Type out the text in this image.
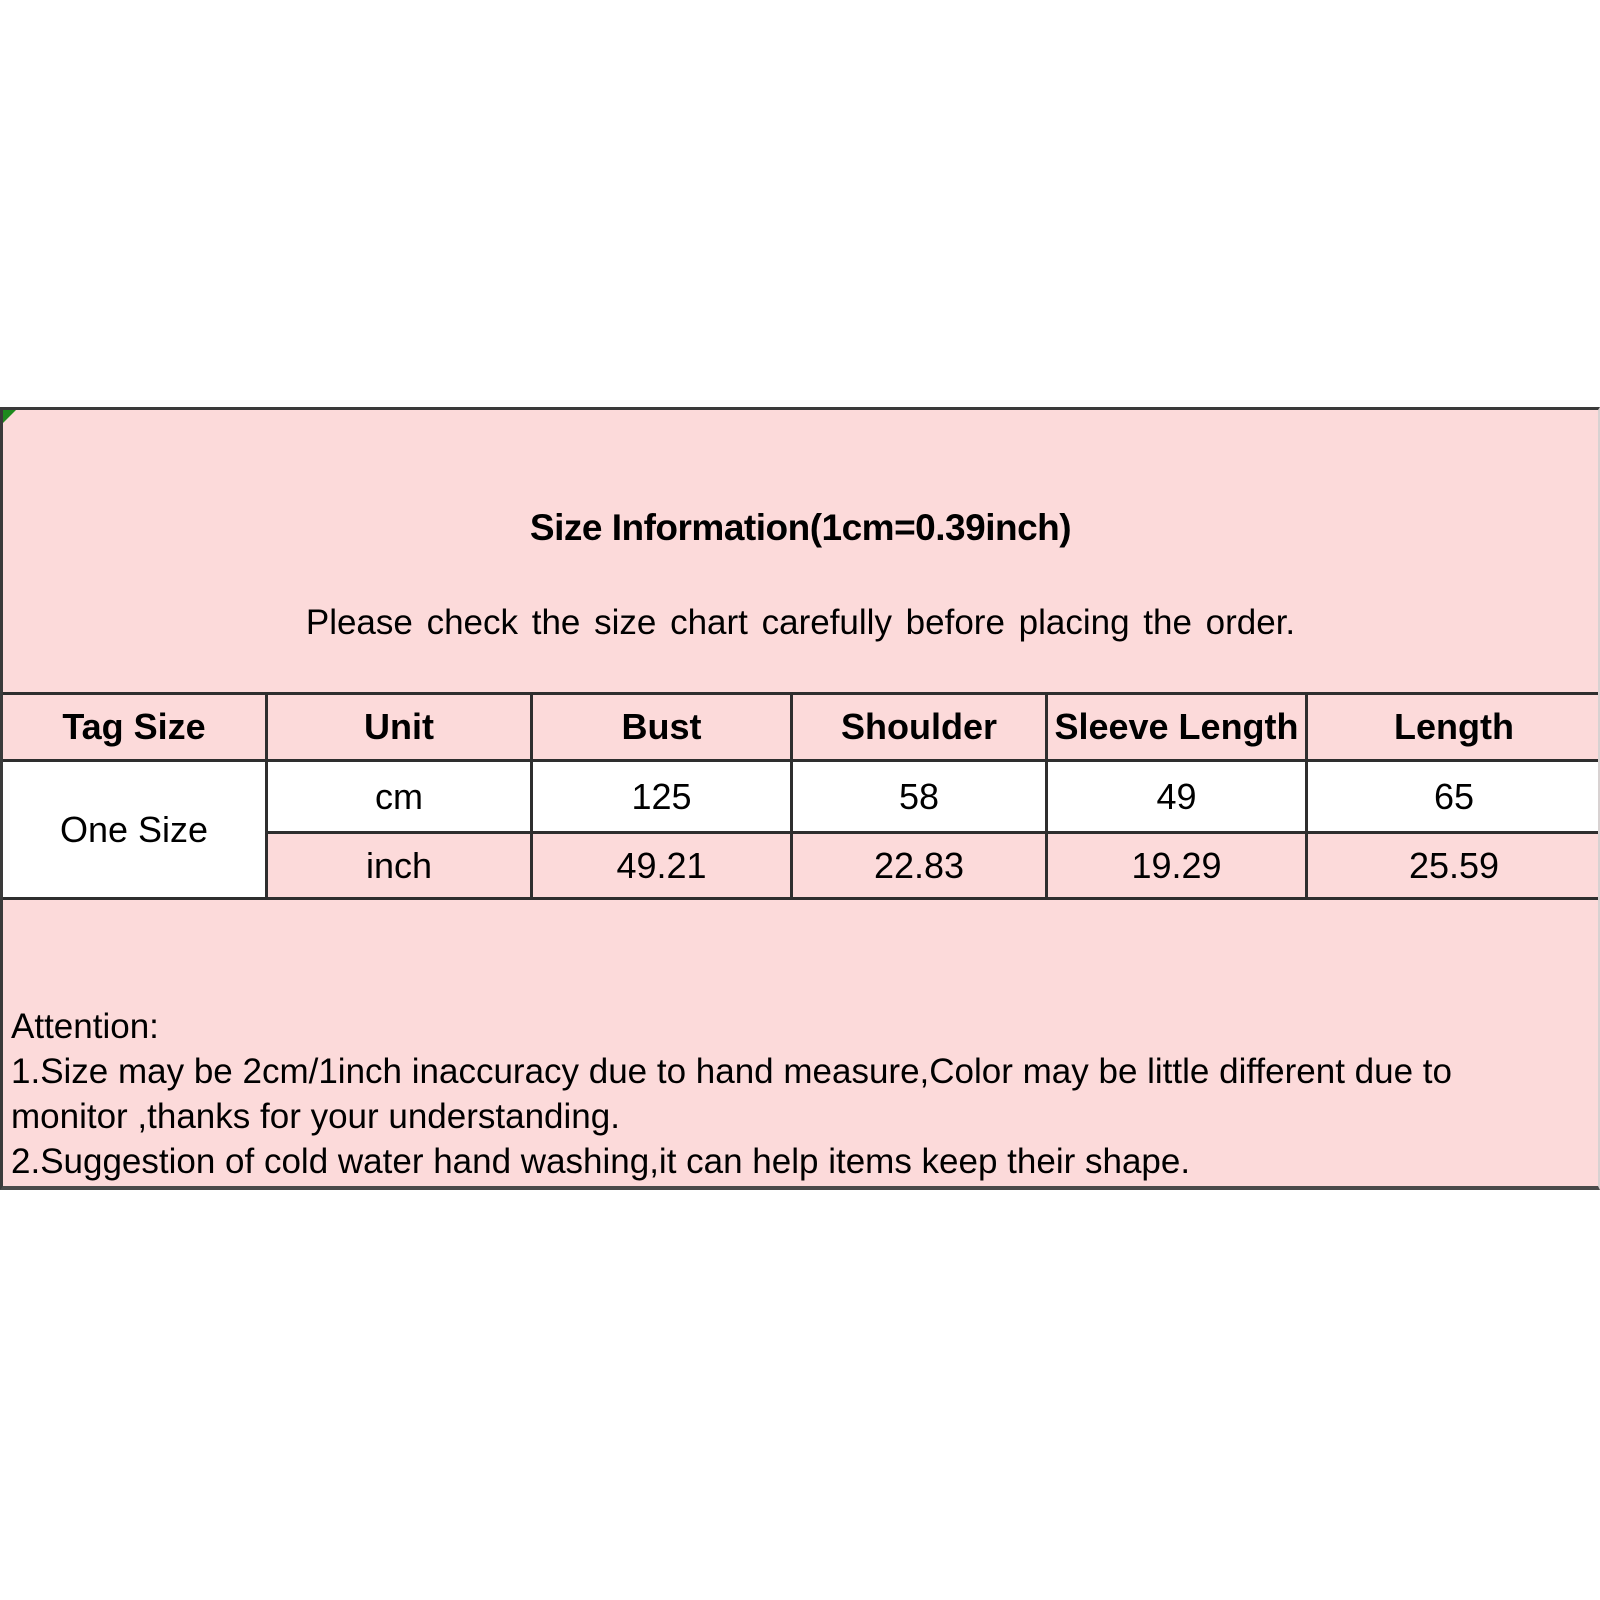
Size Information(1cm=0.39inch)

Please check the size chart carefully before placing the order.

Tag Size	Unit	Bust	Shoulder	Sleeve Length	Length
One Size	cm	125	58	49	65
	inch	49.21	22.83	19.29	25.59
Attention:
1.Size may be 2cm/1inch inaccuracy due to hand measure,Color may be little different due to
monitor ,thanks for your understanding.
2.Suggestion of cold water hand washing,it can help items keep their shape.
